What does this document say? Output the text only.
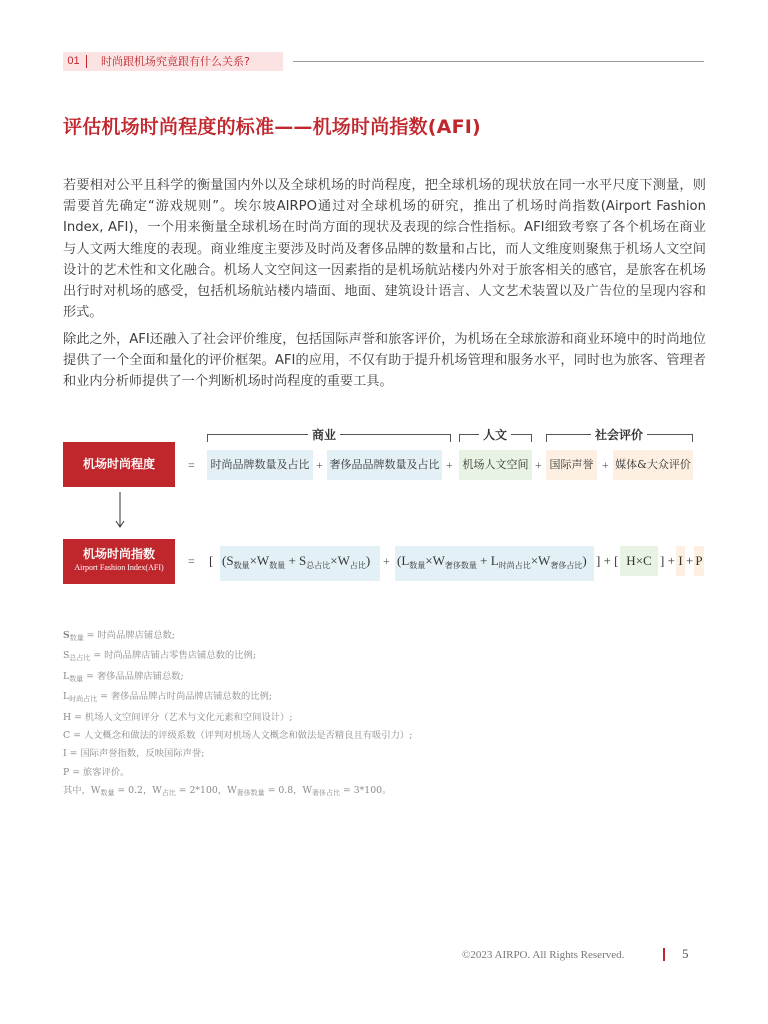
01	时尚跟机场究竟跟有什么关系?
评估机场时尚程度的标准——机场时尚指数(AFI)
若要相对公平且科学的衡量国内外以及全球机场的时尚程度，把全球机场的现状放在同一水平尺度下测量，则需要首先确定“游戏规则”。埃尔坡AIRPO通过对全球机场的研究，推出了机场时尚指数(Airport Fashion Index, AFI)，一个用来衡量全球机场在时尚方面的现状及表现的综合性指标。AFI细致考察了各个机场在商业与人文两大维度的表现。商业维度主要涉及时尚及奢侈品牌的数量和占比，而人文维度则聚焦于机场人文空间设计的艺术性和文化融合。机场人文空间这一因素指的是机场航站楼内外对于旅客相关的感官，是旅客在机场出行时对机场的感受，包括机场航站楼内墙面、地面、建筑设计语言、人文艺术装置以及广告位的呈现内容和形式。
除此之外，AFI还融入了社会评价维度，包括国际声誉和旅客评价，为机场在全球旅游和商业环境中的时尚地位提供了一个全面和量化的评价框架。AFI的应用，不仅有助于提升机场管理和服务水平，同时也为旅客、管理者和业内分析师提供了一个判断机场时尚程度的重要工具。
商业	人文	社会评价
机场时尚程度	=	时尚品牌数量及占比 + 奢侈品品牌数量及占比 + 机场人文空间 + 国际声誉 + 媒体&大众评价
机场时尚指数
Airport Fashion Index(AFI)	= [ $(S_{数量}\times W_{数量} + S_{总占比}\times W_{占比})$	+ $(L_{数量}\times W_{奢侈数量} + L_{时尚占比}\times W_{奢侈占比})$ ] + [ H×C ] + I + P
$S_{数量}$ = 时尚品牌店铺总数;
$S_{总占比}$ = 时尚品牌店铺占零售店铺总数的比例;
$L_{数量}$ = 奢侈品品牌店铺总数;
$L_{时尚占比}$ = 奢侈品品牌占时尚品牌店铺总数的比例;
H = 机场人文空间评分（艺术与文化元素和空间设计）;
C = 人文概念和做法的评级系数（评判对机场人文概念和做法是否精良且有吸引力）;
I = 国际声誉指数，反映国际声誉;
P = 旅客评价。
其中，$W_{数量} = 0.2$，$W_{占比} = 2*100$，$W_{奢侈数量} = 0.8$，$W_{奢侈占比} = 3*100$。
©2023 AIRPO. All Rights Reserved.	5
